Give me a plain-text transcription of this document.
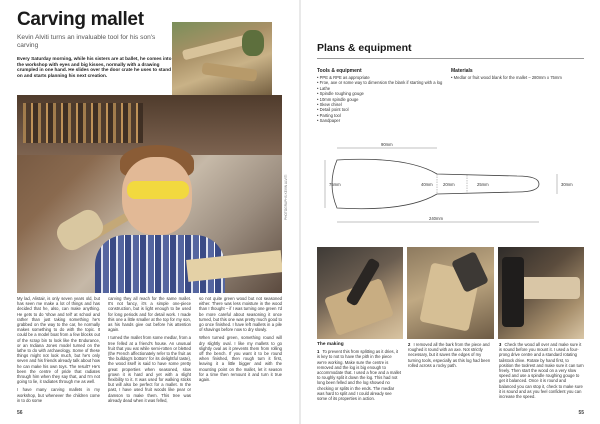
Carving mallet
Kevin Alviti turns an invaluable tool for his son's carving
Every Saturday morning, while his sisters are at ballet, he comes into the workshop with eyes and big kisses, normally with a drawing crumpled in one hand. He slides over the door crate he uses to stand on and starts planning his next creation.
PHOTOGRAPHS KEVIN ALVITI

My lad, Alistair, is only seven years old, but has seen me make a lot of things and has decided that he, also, can make anything. He gets to do 'show and tell' at school and rather than just taking something he's grabbed on the way to the car, he normally makes something to do with the topic. It could be a model boat from a few blocks out of the scrap bin to look like the Endurance, or an Indiana Jones model turned on the lathe to do with archaeology. Some of these things might not look much, but he's only seven and his friends already talk about how he can make his own toys. The result? He's been the centre of pride that radiates through him when they say that, and I'm not going to lie, it radiates through me as well.

I have many carving mallets in my workshop, but whenever the children come in to do some

carving they all reach for the same mallet. It's not fancy, it's a simple one-piece construction, but is light enough to be used for long periods and for detail work. I made this one a little smaller at the top for my son, as his hands give out before his attention again.

I turned the mallet from some medlar, from a tree felled at a friend's house. An unusual fruit that you eat while semi-rotten or bletted (the French affectionately refer to the fruit as 'the bulldog's bottom' for its delightful taste), the wood itself is said to have some pretty great properties when seasoned, slow grown it is hard and yet with a slight flexibility to it. It was used for walking sticks but will also be perfect for a mallet. In the past, I have used fruit woods like pear or damson to make them. This tree was already dead when it was felled,

so not quite green wood but not seasoned either. There was less moisture in the wood than I thought – if I was turning one green I'd be more careful about seasoning it once turned, but this one was pretty much good to go once finished. I have left mallets in a pile of shavings before now to dry slowly.

When turned green, something round will dry slightly oval. I like my mallets to go slightly oval as it prevents them from rolling off the bench. If you want it to be round when finished, then rough turn it first, leaving it a little bigger and with the mounting point on the mallet, let it season for a time then remount it and turn it true again.

56
Plans & equipment
Tools & equipment
• PPE & RPE as appropriate
• Froe, axe or some way to dimension the blank if starting with a log
• Lathe
• Spindle roughing gouge
• 10mm spindle gouge
• Skew chisel
• Detail point tool
• Parting tool
• Sandpaper
Materials
• Medlar or fruit wood blank for the mallet – 280mm x 75mm
90mm
75mm	40mm 20mm	25mm	30mm
240mm
The making
1 To prevent this from splitting as it dries, it is key to not to have the pith in the piece we're working. Make sure the centre is removed and the log is big enough to accommodate that. I used a froe and a mallet to roughly split it down the log. This had not long been felled and the log showed no checking or splits in the ends. The medlar was hard to split and I could already see some of its properties in action.
2 I removed all the bark from the piece and roughed it round with an axe. Not strictly necessary, but it saves the edges of my turning tools, especially as this log had been rolled across a rocky path.
3 Check the wood all over and make sure it is sound before you mount it. I used a four-prong drive centre and a standard rotating tailstock drive. Rotate by hand first, to position the toolrest and make sure it can turn freely. Then start the wood on a very slow speed and use a spindle roughing gouge to get it balanced. Once it is round and balanced you can stop it, check to make sure it is sound and as you feel confident you can increase the speed.
55
